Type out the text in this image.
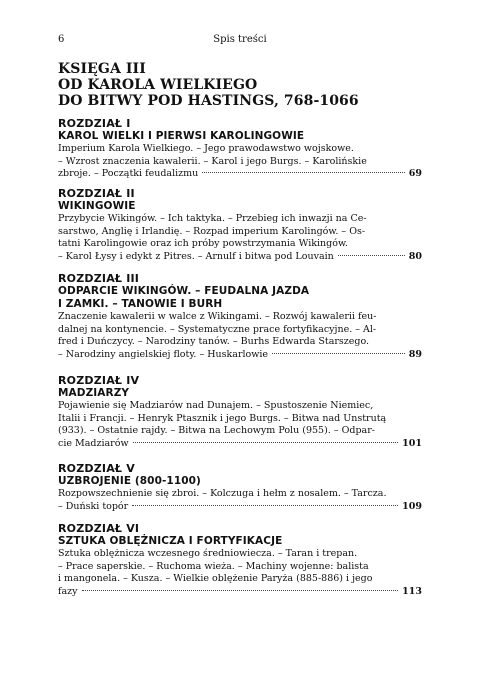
6	Spis treści
KSIĘGA III
OD KAROLA WIELKIEGO
DO BITWY POD HASTINGS, 768-1066
ROZDZIAŁ I
KAROL WIELKI I PIERWSI KAROLINGOWIE
Imperium Karola Wielkiego. – Jego prawodawstwo wojskowe.
– Wzrost znaczenia kawalerii. – Karol i jego Burgs. – Karolińskie
zbroje. – Początki feudalizmu	69
ROZDZIAŁ II
WIKINGOWIE
Przybycie Wikingów. – Ich taktyka. – Przebieg ich inwazji na Ce-
sarstwo, Anglię i Irlandię. – Rozpad imperium Karolingów. – Os-
tatni Karolingowie oraz ich próby powstrzymania Wikingów.
– Karol Łysy i edykt z Pitres. – Arnulf i bitwa pod Louvain	80
ROZDZIAŁ III
ODPARCIE WIKINGÓW. – FEUDALNA JAZDA
I ZAMKI. – TANOWIE I BURH
Znaczenie kawalerii w walce z Wikingami. – Rozwój kawalerii feu-
dalnej na kontynencie. – Systematyczne prace fortyfikacyjne. – Al-
fred i Duńczycy. – Narodziny tanów. – Burhs Edwarda Starszego.
– Narodziny angielskiej floty. – Huskarlowie	89
ROZDZIAŁ IV
MADZIARZY
Pojawienie się Madziarów nad Dunajem. – Spustoszenie Niemiec,
Italii i Francji. – Henryk Ptasznik i jego Burgs. – Bitwa nad Unstrutą
(933). – Ostatnie rajdy. – Bitwa na Lechowym Polu (955). – Odpar-
cie Madziarów	101
ROZDZIAŁ V
UZBROJENIE (800-1100)
Rozpowszechnienie się zbroi. – Kolczuga i hełm z nosalem. – Tarcza.
– Duński topór	109
ROZDZIAŁ VI
SZTUKA OBLĘŻNICZA I FORTYFIKACJE
Sztuka oblężnicza wczesnego średniowiecza. – Taran i trepan.
– Prace saperskie. – Ruchoma wieża. – Machiny wojenne: balista
i mangonela. – Kusza. – Wielkie oblężenie Paryża (885-886) i jego
fazy	113
